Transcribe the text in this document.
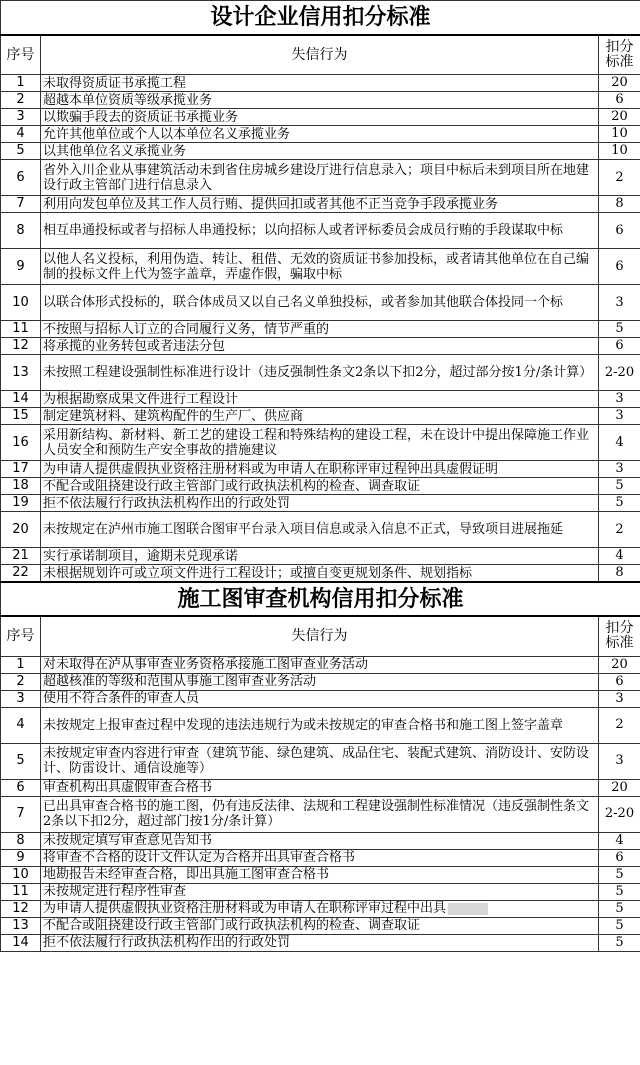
设计企业信用扣分标准		
序号	失信行为	扣分标准
1	未取得资质证书承揽工程	20
2	超越本单位资质等级承揽业务	6
3	以欺骗手段去的资质证书承揽业务	20
4	允许其他单位或个人以本单位名义承揽业务	10
5	以其他单位名义承揽业务	10
6	省外入川企业从事建筑活动未到省住房城乡建设厅进行信息录入；项目中标后未到项目所在地建设行政主管部门进行信息录入	2
7	利用向发包单位及其工作人员行贿、提供回扣或者其他不正当竞争手段承揽业务	8
8	相互串通投标或者与招标人串通投标；以向招标人或者评标委员会成员行贿的手段谋取中标	6
9	以他人名义投标，利用伪造、转让、租借、无效的资质证书参加投标，或者请其他单位在自己编制的投标文件上代为签字盖章，弄虚作假，骗取中标	6
10	以联合体形式投标的，联合体成员又以自己名义单独投标，或者参加其他联合体投同一个标	3
11	不按照与招标人订立的合同履行义务，情节严重的	5
12	将承揽的业务转包或者违法分包	6
13	未按照工程建设强制性标准进行设计（违反强制性条文2条以下扣2分，超过部分按1分/条计算）	2-20
14	为根据勘察成果文件进行工程设计	3
15	制定建筑材料、建筑构配件的生产厂、供应商	3
16	采用新结构、新材料、新工艺的建设工程和特殊结构的建设工程，未在设计中提出保障施工作业人员安全和预防生产安全事故的措施建议	4
17	为申请人提供虚假执业资格注册材料或为申请人在职称评审过程钟出具虚假证明	3
18	不配合或阻挠建设行政主管部门或行政执法机构的检查、调查取证	5
19	拒不依法履行行政执法机构作出的行政处罚	5
20	未按规定在泸州市施工图联合图审平台录入项目信息或录入信息不正式，导致项目进展拖延	2
21	实行承诺制项目，逾期未兑现承诺	4
22	未根据规划许可或立项文件进行工程设计；或擅自变更规划条件、规划指标	8
施工图审查机构信用扣分标准		
序号	失信行为	扣分标准
1	对未取得在泸从事审查业务资格承接施工图审查业务活动	20
2	超越核准的等级和范围从事施工图审查业务活动	6
3	使用不符合条件的审查人员	3
4	未按规定上报审查过程中发现的违法违规行为或未按规定的审查合格书和施工图上签字盖章	2
5	未按规定审查内容进行审查（建筑节能、绿色建筑、成品住宅、装配式建筑、消防设计、安防设计、防雷设计、通信设施等）	3
6	审查机构出具虚假审查合格书	20
7	已出具审查合格书的施工图，仍有违反法律、法规和工程建设强制性标准情况（违反强制性条文2条以下扣2分，超过部门按1分/条计算）	2-20
8	未按规定填写审查意见告知书	4
9	将审查不合格的设计文件认定为合格并出具审查合格书	6
10	地勘报告未经审查合格，即出具施工图审查合格书	5
11	未按规定进行程序性审查	5
12	为申请人提供虚假执业资格注册材料或为申请人在职称评审过程中出具	5
13	不配合或阻挠建设行政主管部门或行政执法机构的检查、调查取证	5
14	拒不依法履行行政执法机构作出的行政处罚	5
